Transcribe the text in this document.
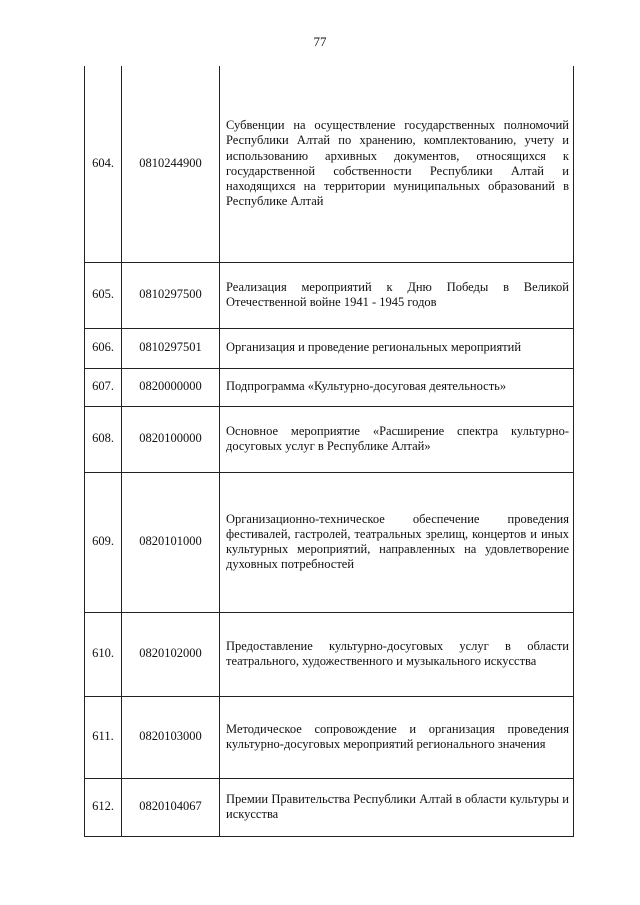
77
604.	0810244900	Субвенции на осуществление государственных полномочий Республики Алтай по хранению, комплектованию, учету и использованию архивных документов, относящихся к государственной собственности Республики Алтай и находящихся на территории муниципальных образований в Республике Алтай

605.	0810297500	Реализация мероприятий к Дню Победы в Великой Отечественной войне 1941 - 1945 годов

606.	0810297501	Организация и проведение региональных мероприятий

607.	0820000000	Подпрограмма «Культурно-досуговая деятельность»

608.	0820100000	Основное мероприятие «Расширение спектра культурно-досуговых услуг в Республике Алтай»

609.	0820101000	Организационно-техническое обеспечение проведения фестивалей, гастролей, театральных зрелищ, концертов и иных культурных мероприятий, направленных на удовлетворение духовных потребностей

610.	0820102000	Предоставление культурно-досуговых услуг в области театрального, художественного и музыкального искусства

611.	0820103000	Методическое сопровождение и организация проведения культурно-досуговых мероприятий регионального значения

612.	0820104067	Премии Правительства Республики Алтай в области культуры и искусства
